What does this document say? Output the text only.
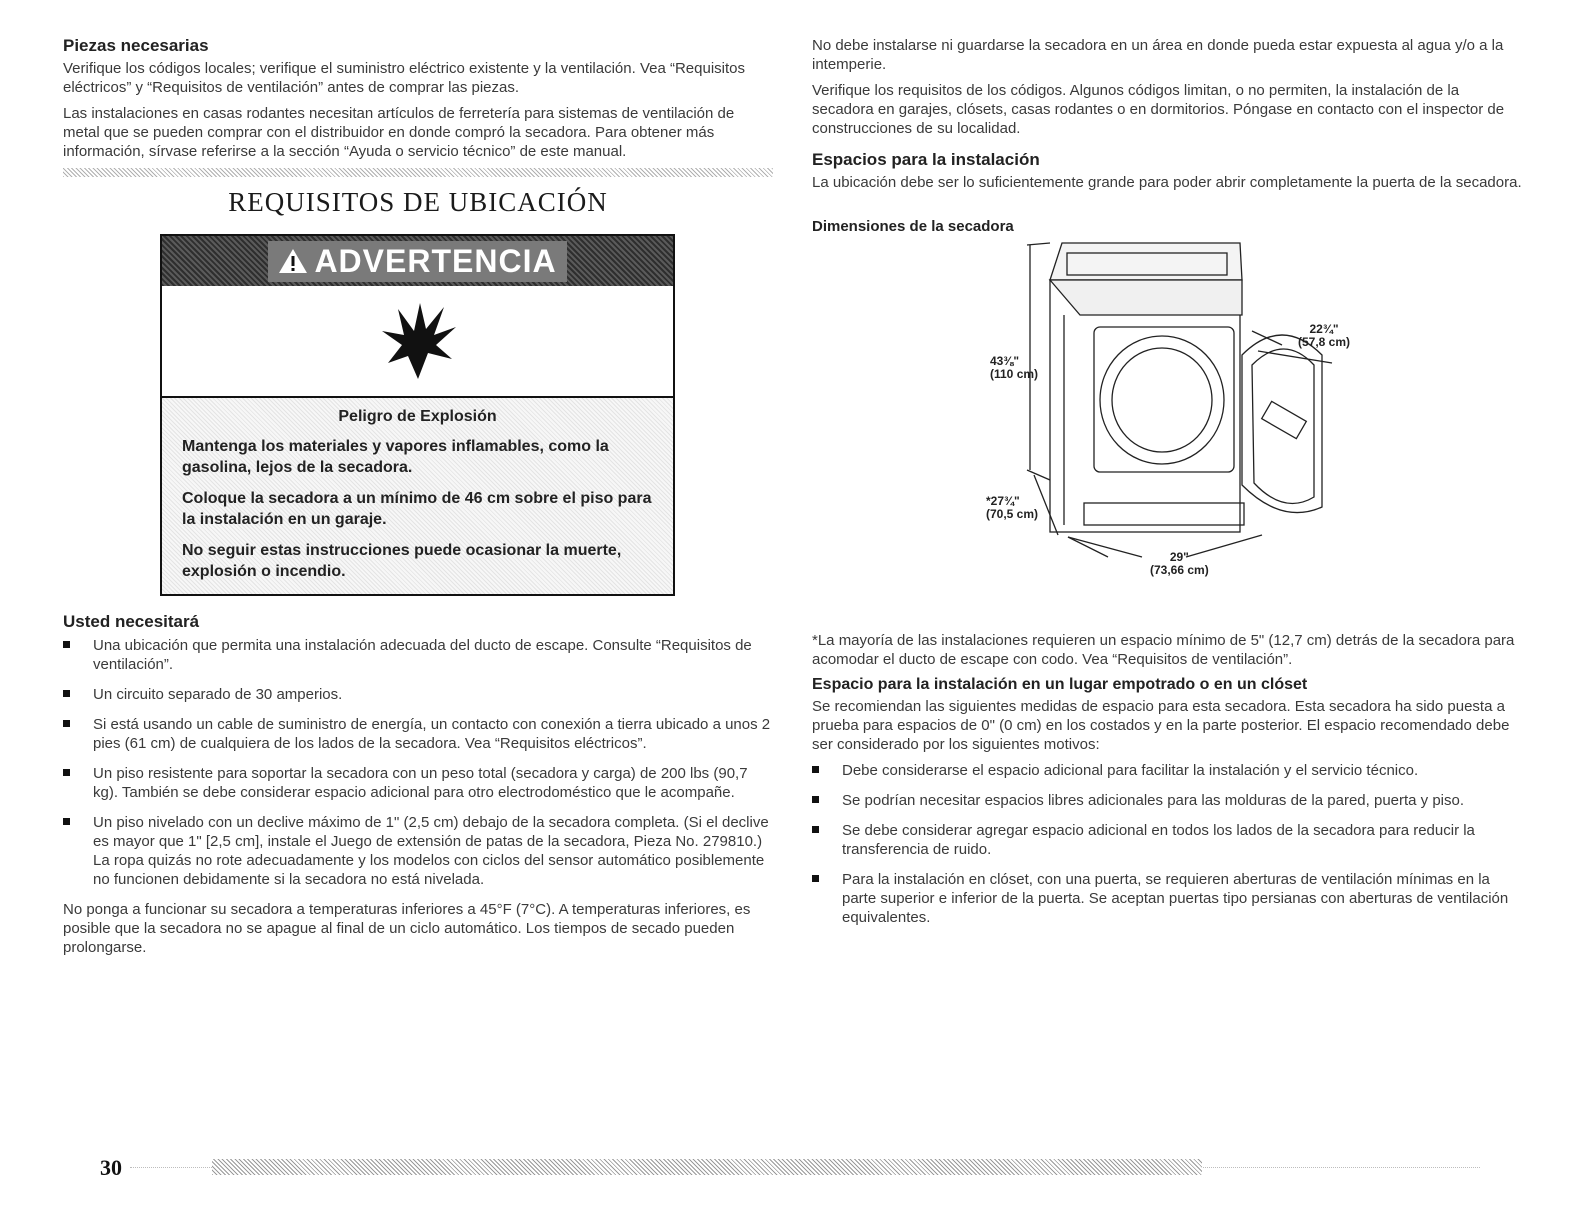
Piezas necesarias

Verifique los códigos locales; verifique el suministro eléctrico existente y la ventilación. Vea “Requisitos eléctricos” y “Requisitos de ventilación” antes de comprar las piezas.

Las instalaciones en casas rodantes necesitan artículos de ferretería para sistemas de ventilación de metal que se pueden comprar con el distribuidor en donde compró la secadora. Para obtener más información, sírvase referirse a la sección “Ayuda o servicio técnico” de este manual.

REQUISITOS DE UBICACIÓN
ADVERTENCIA
Peligro de Explosión
Mantenga los materiales y vapores inflamables, como la gasolina, lejos de la secadora.
Coloque la secadora a un mínimo de 46 cm sobre el piso para la instalación en un garaje.
No seguir estas instrucciones puede ocasionar la muerte, explosión o incendio.
Usted necesitará
Una ubicación que permita una instalación adecuada del ducto de escape. Consulte “Requisitos de ventilación”.
Un circuito separado de 30 amperios.
Si está usando un cable de suministro de energía, un contacto con conexión a tierra ubicado a unos 2 pies (61 cm) de cualquiera de los lados de la secadora. Vea “Requisitos eléctricos”.
Un piso resistente para soportar la secadora con un peso total (secadora y carga) de 200 lbs (90,7 kg). También se debe considerar espacio adicional para otro electrodoméstico que le acompañe.
Un piso nivelado con un declive máximo de 1" (2,5 cm) debajo de la secadora completa. (Si el declive es mayor que 1" [2,5 cm], instale el Juego de extensión de patas de la secadora, Pieza No. 279810.) La ropa quizás no rote adecuadamente y los modelos con ciclos del sensor automático posiblemente no funcionen debidamente si la secadora no está nivelada.

No ponga a funcionar su secadora a temperaturas inferiores a 45°F (7°C). A temperaturas inferiores, es posible que la secadora no se apague al final de un ciclo automático. Los tiempos de secado pueden prolongarse.

No debe instalarse ni guardarse la secadora en un área en donde pueda estar expuesta al agua y/o a la intemperie.

Verifique los requisitos de los códigos. Algunos códigos limitan, o no permiten, la instalación de la secadora en garajes, clósets, casas rodantes o en dormitorios. Póngase en contacto con el inspector de construcciones de su localidad.

Espacios para la instalación

La ubicación debe ser lo suficientemente grande para poder abrir completamente la puerta de la secadora.

Dimensiones de la secadora
43⅜"
(110 cm)
*27¾"
(70,5 cm)
29"
(73,66 cm)
22¾"
(57,8 cm)

*La mayoría de las instalaciones requieren un espacio mínimo de 5" (12,7 cm) detrás de la secadora para acomodar el ducto de escape con codo. Vea “Requisitos de ventilación”.

Espacio para la instalación en un lugar empotrado o en un clóset

Se recomiendan las siguientes medidas de espacio para esta secadora. Esta secadora ha sido puesta a prueba para espacios de 0" (0 cm) en los costados y en la parte posterior. El espacio recomendado debe ser considerado por los siguientes motivos:

Debe considerarse el espacio adicional para facilitar la instalación y el servicio técnico.
Se podrían necesitar espacios libres adicionales para las molduras de la pared, puerta y piso.
Se debe considerar agregar espacio adicional en todos los lados de la secadora para reducir la transferencia de ruido.
Para la instalación en clóset, con una puerta, se requieren aberturas de ventilación mínimas en la parte superior e inferior de la puerta. Se aceptan puertas tipo persianas con aberturas de ventilación equivalentes.
30
